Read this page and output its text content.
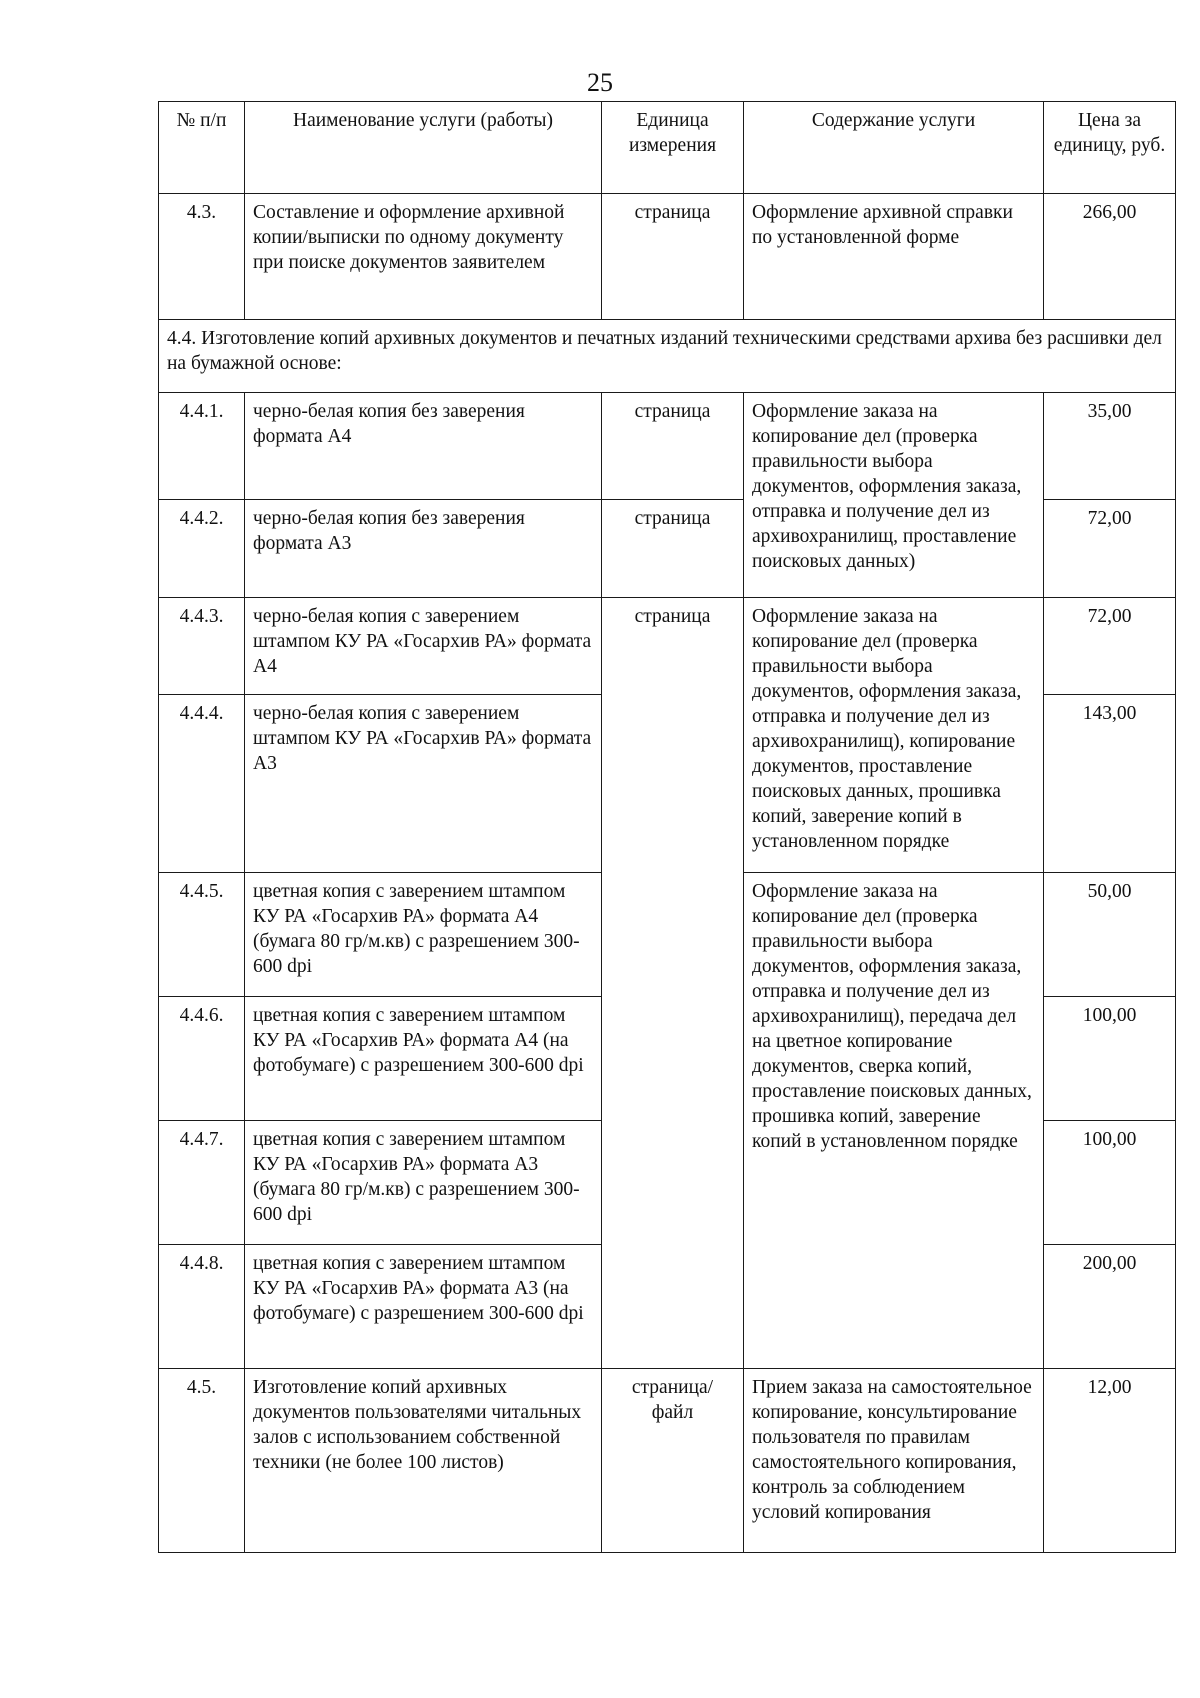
25
№ п/п	Наименование услуги (работы)	Единица измерения	Содержание услуги	Цена за единицу, руб.
4.3.	Составление и оформление архивной копии/выписки по одному документу при поиске документов заявителем	страница	Оформление архивной справки по установленной форме	266,00
4.4. Изготовление копий архивных документов и печатных изданий техническими средствами архива без расшивки дел на бумажной основе:				
4.4.1.	черно-белая копия без заверения формата А4	страница	Оформление заказа на копирование дел (проверка правильности выбора документов, оформления заказа, отправка и получение дел из архивохранилищ, проставление поисковых данных)	35,00
4.4.2.	черно-белая копия без заверения формата А3	страница		72,00
4.4.3.	черно-белая копия с заверением штампом КУ РА «Госархив РА» формата А4	страница	Оформление заказа на копирование дел (проверка правильности выбора документов, оформления заказа, отправка и получение дел из архивохранилищ), копирование документов, проставление поисковых данных, прошивка копий, заверение копий в установленном порядке	72,00
4.4.4.	черно-белая копия с заверением штампом КУ РА «Госархив РА» формата А3			143,00
4.4.5.	цветная копия с заверением штампом КУ РА «Госархив РА» формата А4 (бумага 80 гр/м.кв) с разрешением 300-600 dpi		Оформление заказа на копирование дел (проверка правильности выбора документов, оформления заказа, отправка и получение дел из архивохранилищ), передача дел на цветное копирование документов, сверка копий, проставление поисковых данных, прошивка копий, заверение копий в установленном порядке	50,00
4.4.6.	цветная копия с заверением штампом КУ РА «Госархив РА» формата А4 (на фотобумаге) с разрешением 300-600 dpi			100,00
4.4.7.	цветная копия с заверением штампом КУ РА «Госархив РА» формата А3 (бумага 80 гр/м.кв) с разрешением 300-600 dpi			100,00
4.4.8.	цветная копия с заверением штампом КУ РА «Госархив РА» формата А3 (на фотобумаге) с разрешением 300-600 dpi			200,00
4.5.	Изготовление копий архивных документов пользователями читальных залов с использованием собственной техники (не более 100 листов)	страница/ файл	Прием заказа на самостоятельное копирование, консультирование пользователя по правилам самостоятельного копирования, контроль за соблюдением условий копирования	12,00
